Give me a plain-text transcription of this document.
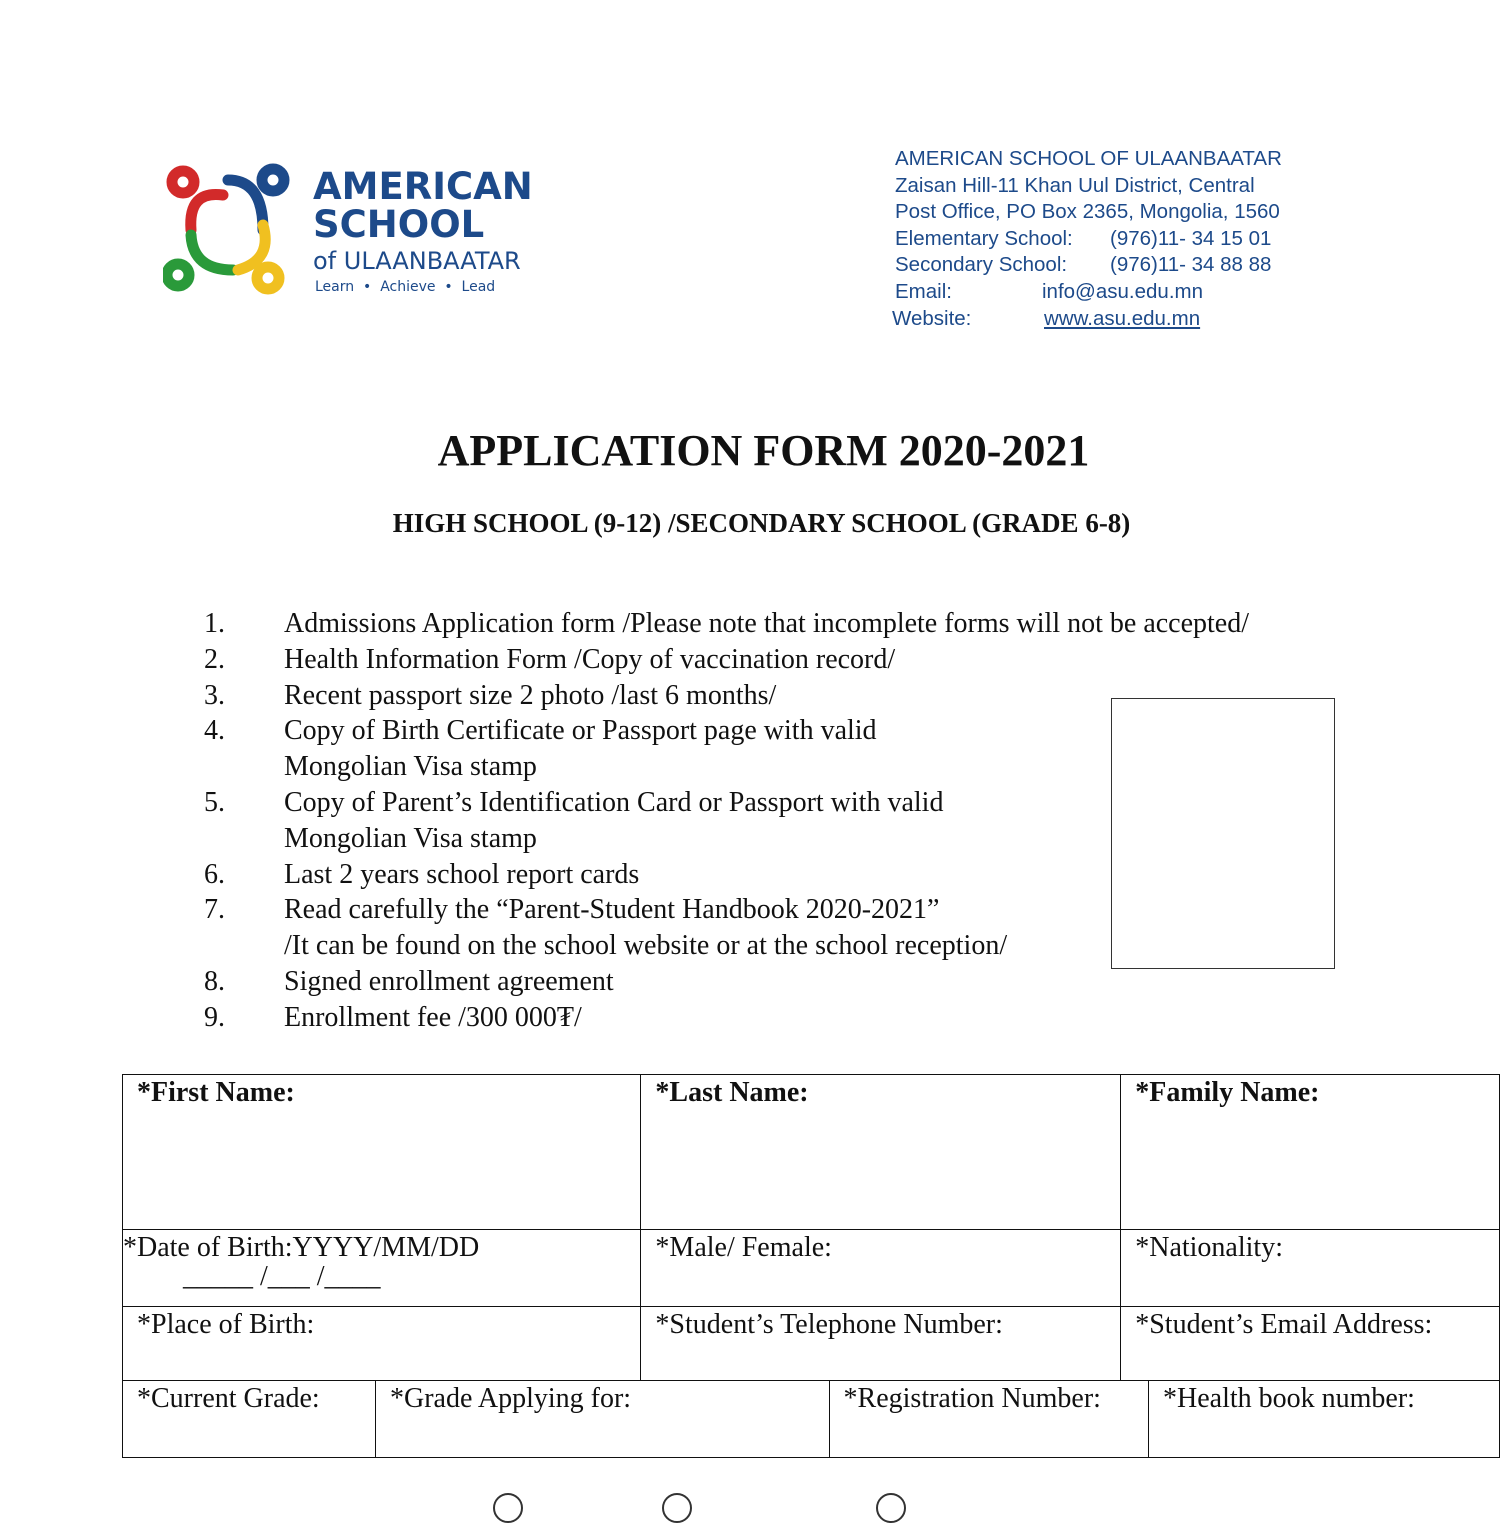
AMERICAN
SCHOOL
of ULAANBAATAR
Learn  •  Achieve  •  Lead
AMERICAN SCHOOL OF ULAANBAATAR
Zaisan Hill-11 Khan Uul District, Central
Post Office, PO Box 2365, Mongolia, 1560
Elementary School: (976)11- 34 15 01
Secondary School: (976)11- 34 88 88
Email:	info@asu.edu.mn
Website:	www.asu.edu.mn
APPLICATION FORM 2020-2021
HIGH SCHOOL (9-12) /SECONDARY SCHOOL (GRADE 6-8)
1.	Admissions Application form /Please note that incomplete forms will not be accepted/
2.	Health Information Form /Copy of vaccination record/
3.	Recent passport size 2 photo /last 6 months/
4.	Copy of Birth Certificate or Passport page with valid
Mongolian Visa stamp
5.	Copy of Parent’s Identification Card or Passport with valid
Mongolian Visa stamp
6.	Last 2 years school report cards
7.	Read carefully the “Parent-Student Handbook 2020-2021”
/It can be found on the school website or at the school reception/
8.	Signed enrollment agreement
9.	Enrollment fee /300 000₮/
*First Name:		*Last Name:		*Family Name:	

*Date of Birth:YYYY/MM/DD
_____ /___ /____		*Male/ Female:		*Nationality:	
*Place of Birth:		*Student’s Telephone Number:		*Student’s Email Address:	
*Current Grade:	*Grade Applying for:		*Registration Number:		*Health book number:
